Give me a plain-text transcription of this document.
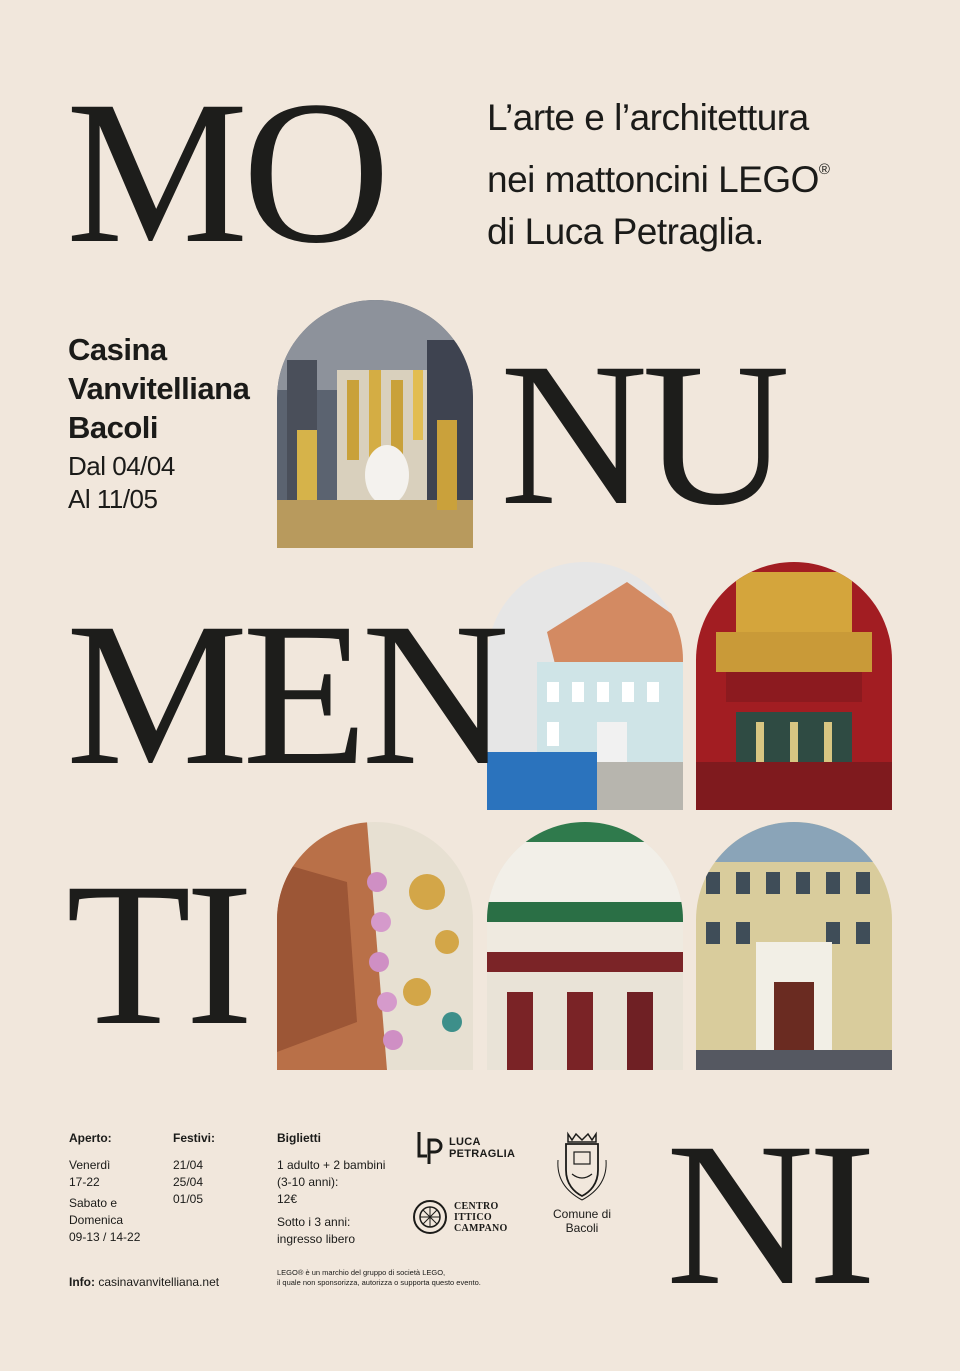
MO
NU
TI
NI
L’arte e l’architettura
nei mattoncini LEGO®
di Luca Petraglia.
Casina
Vanvitelliana
Bacoli
Dal 04/04
Al 11/05
MEN
Aperto:
Venerdì
17-22
Sabato e
Domenica
09-13 / 14-22
Festivi:
21/04
25/04
01/05
Biglietti
1 adulto + 2 bambini
(3-10 anni):
12€
Sotto i 3 anni:
ingresso libero
Info: casinavanvitelliana.net
LEGO® è un marchio del gruppo di società LEGO,
il quale non sponsorizza, autorizza o supporta questo evento.
LUCA
PETRAGLIA
CENTRO
ITTICO
CAMPANO
Comune di
Bacoli
